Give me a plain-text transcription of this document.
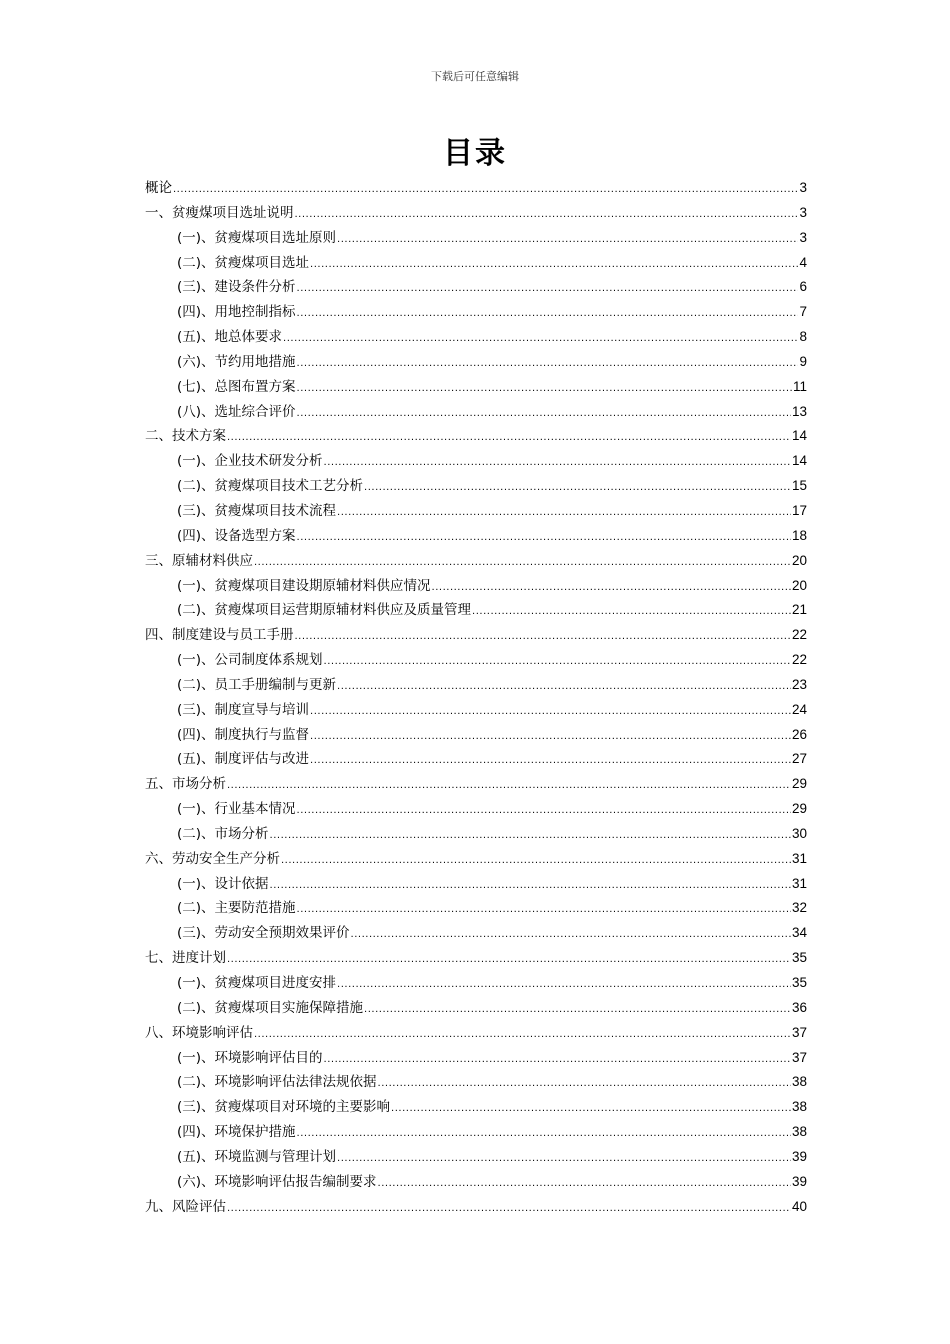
下载后可任意编辑
目录
概论 .....	3
一、贫瘦煤项目选址说明 .....	3
(一)、贫瘦煤项目选址原则 .....	3
(二)、贫瘦煤项目选址 .....	4
(三)、建设条件分析 .....	6
(四)、用地控制指标 .....	7
(五)、地总体要求 .....	8
(六)、节约用地措施 .....	9
(七)、总图布置方案 .....	11
(八)、选址综合评价 .....	13
二、技术方案 .....	14
(一)、企业技术研发分析 .....	14
(二)、贫瘦煤项目技术工艺分析 .....	15
(三)、贫瘦煤项目技术流程 .....	17
(四)、设备选型方案 .....	18
三、原辅材料供应 .....	20
(一)、贫瘦煤项目建设期原辅材料供应情况 .....	20
(二)、贫瘦煤项目运营期原辅材料供应及质量管理 .....	21
四、制度建设与员工手册 .....	22
(一)、公司制度体系规划 .....	22
(二)、员工手册编制与更新 .....	23
(三)、制度宣导与培训 .....	24
(四)、制度执行与监督 .....	26
(五)、制度评估与改进 .....	27
五、市场分析 .....	29
(一)、行业基本情况 .....	29
(二)、市场分析 .....	30
六、劳动安全生产分析 .....	31
(一)、设计依据 .....	31
(二)、主要防范措施 .....	32
(三)、劳动安全预期效果评价 .....	34
七、进度计划 .....	35
(一)、贫瘦煤项目进度安排 .....	35
(二)、贫瘦煤项目实施保障措施 .....	36
八、环境影响评估 .....	37
(一)、环境影响评估目的 .....	37
(二)、环境影响评估法律法规依据 .....	38
(三)、贫瘦煤项目对环境的主要影响 .....	38
(四)、环境保护措施 .....	38
(五)、环境监测与管理计划 .....	39
(六)、环境影响评估报告编制要求 .....	39
九、风险评估 .....	40
